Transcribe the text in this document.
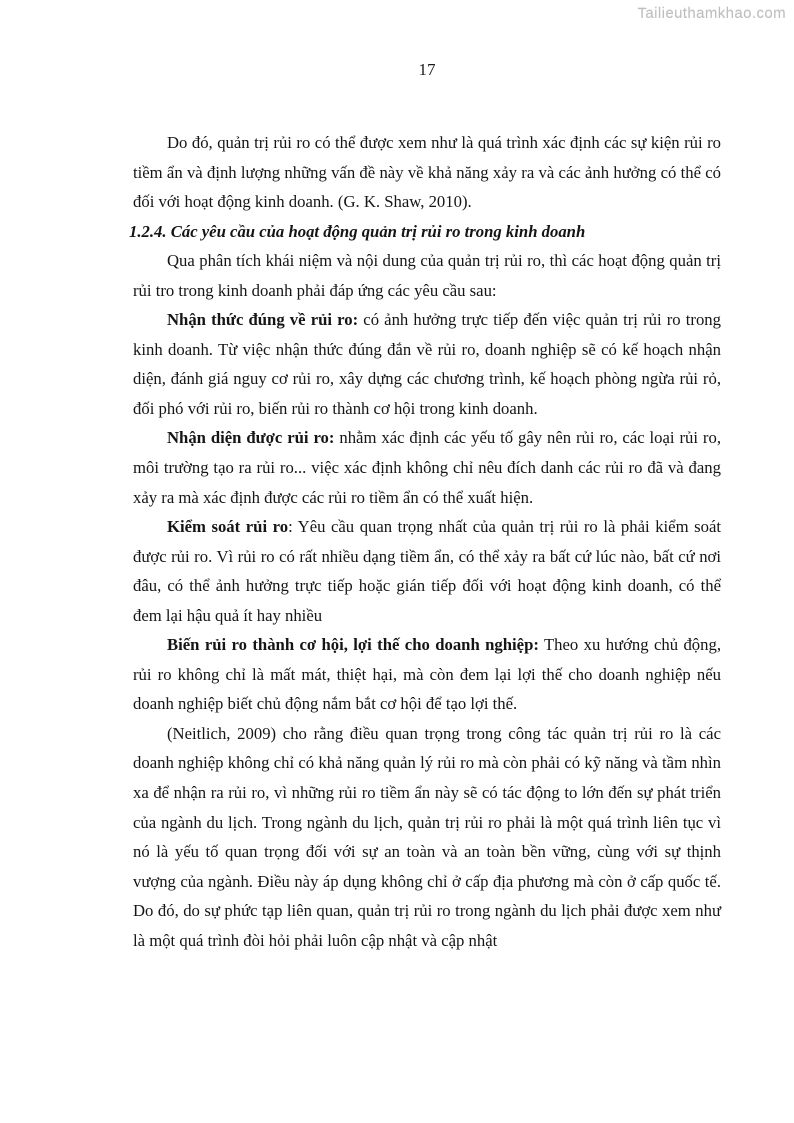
Tailieuthamkhao.com
17

Do đó, quản trị rủi ro có thể được xem như là quá trình xác định các sự kiện rủi ro tiềm ẩn và định lượng những vấn đề này về khả năng xảy ra và các ảnh hưởng có thể có đối với hoạt động kinh doanh. (G. K. Shaw, 2010).

1.2.4. Các yêu cầu của hoạt động quản trị rủi ro trong kinh doanh

Qua phân tích khái niệm và nội dung của quản trị rủi ro, thì các hoạt động quản trị rủi tro trong kinh doanh phải đáp ứng các yêu cầu sau:

Nhận thức đúng về rủi ro: có ảnh hưởng trực tiếp đến việc quản trị rủi ro trong kinh doanh. Từ việc nhận thức đúng đắn về rủi ro, doanh nghiệp sẽ có kế hoạch nhận diện, đánh giá nguy cơ rủi ro, xây dựng các chương trình, kế hoạch phòng ngừa rủi rỏ, đối phó với rủi ro, biến rủi ro thành cơ hội trong kinh doanh.

Nhận diện được rủi ro: nhằm xác định các yếu tố gây nên rủi ro, các loại rủi ro, môi trường tạo ra rủi ro... việc xác định không chỉ nêu đích danh các rủi ro đã và đang xảy ra mà xác định được các rủi ro tiềm ẩn có thể xuất hiện.

Kiểm soát rủi ro: Yêu cầu quan trọng nhất của quản trị rủi ro là phải kiểm soát được rủi ro. Vì rủi ro có rất nhiều dạng tiềm ẩn, có thể xảy ra bất cứ lúc nào, bất cứ nơi đâu, có thể ảnh hưởng trực tiếp hoặc gián tiếp đối với hoạt động kinh doanh, có thể đem lại hậu quả ít hay nhiều

Biến rủi ro thành cơ hội, lợi thế cho doanh nghiệp: Theo xu hướng chủ động, rủi ro không chỉ là mất mát, thiệt hại, mà còn đem lại lợi thế cho doanh nghiệp nếu doanh nghiệp biết chủ động nắm bắt cơ hội để tạo lợi thế.

(Neitlich, 2009) cho rằng điều quan trọng trong công tác quản trị rủi ro là các doanh nghiệp không chỉ có khả năng quản lý rủi ro mà còn phải có kỹ năng và tầm nhìn xa để nhận ra rủi ro, vì những rủi ro tiềm ẩn này sẽ có tác động to lớn đến sự phát triển của ngành du lịch. Trong ngành du lịch, quản trị rủi ro phải là một quá trình liên tục vì nó là yếu tố quan trọng đối với sự an toàn và an toàn bền vững, cùng với sự thịnh vượng của ngành. Điều này áp dụng không chỉ ở cấp địa phương mà còn ở cấp quốc tế. Do đó, do sự phức tạp liên quan, quản trị rủi ro trong ngành du lịch phải được xem như là một quá trình đòi hỏi phải luôn cập nhật và cập nhật
